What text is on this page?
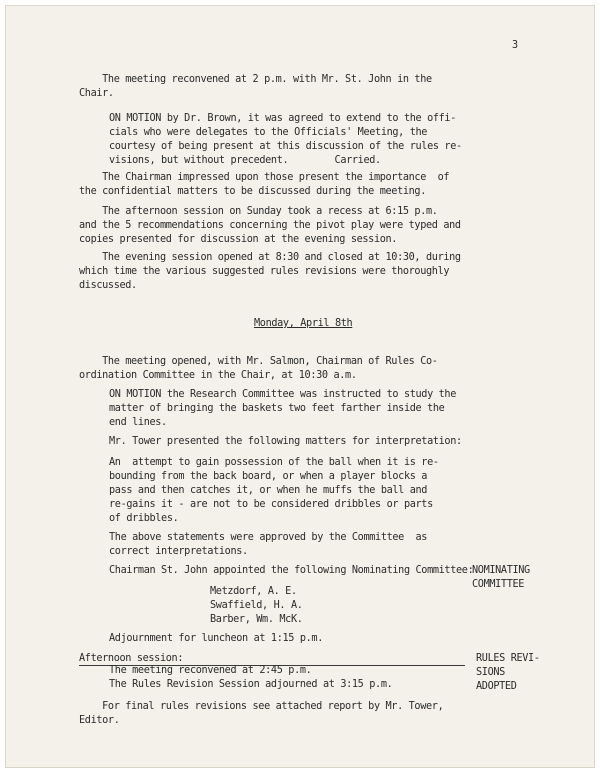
3
The meeting reconvened at 2 p.m. with Mr. St. John in the
Chair.
ON MOTION by Dr. Brown, it was agreed to extend to the offi-
cials who were delegates to the Officials' Meeting, the
courtesy of being present at this discussion of the rules re-
visions, but without precedent.        Carried.
The Chairman impressed upon those present the importance  of
the confidential matters to be discussed during the meeting.
The afternoon session on Sunday took a recess at 6:15 p.m.
and the 5 recommendations concerning the pivot play were typed and
copies presented for discussion at the evening session.
The evening session opened at 8:30 and closed at 10:30, during
which time the various suggested rules revisions were thoroughly
discussed.
Monday, April 8th
The meeting opened, with Mr. Salmon, Chairman of Rules Co-
ordination Committee in the Chair, at 10:30 a.m.
ON MOTION the Research Committee was instructed to study the
matter of bringing the baskets two feet farther inside the
end lines.
Mr. Tower presented the following matters for interpretation:
An  attempt to gain possession of the ball when it is re-
bounding from the back board, or when a player blocks a
pass and then catches it, or when he muffs the ball and
re-gains it - are not to be considered dribbles or parts
of dribbles.
The above statements were approved by the Committee  as
correct interpretations.
Chairman St. John appointed the following Nominating Committee:
NOMINATING
COMMITTEE
Metzdorf, A. E.
Swaffield, H. A.
Barber, Wm. McK.
Adjournment for luncheon at 1:15 p.m.
Afternoon session:
The meeting reconvened at 2:45 p.m.
The Rules Revision Session adjourned at 3:15 p.m.
RULES REVI-
SIONS
ADOPTED
For final rules revisions see attached report by Mr. Tower,
Editor.
